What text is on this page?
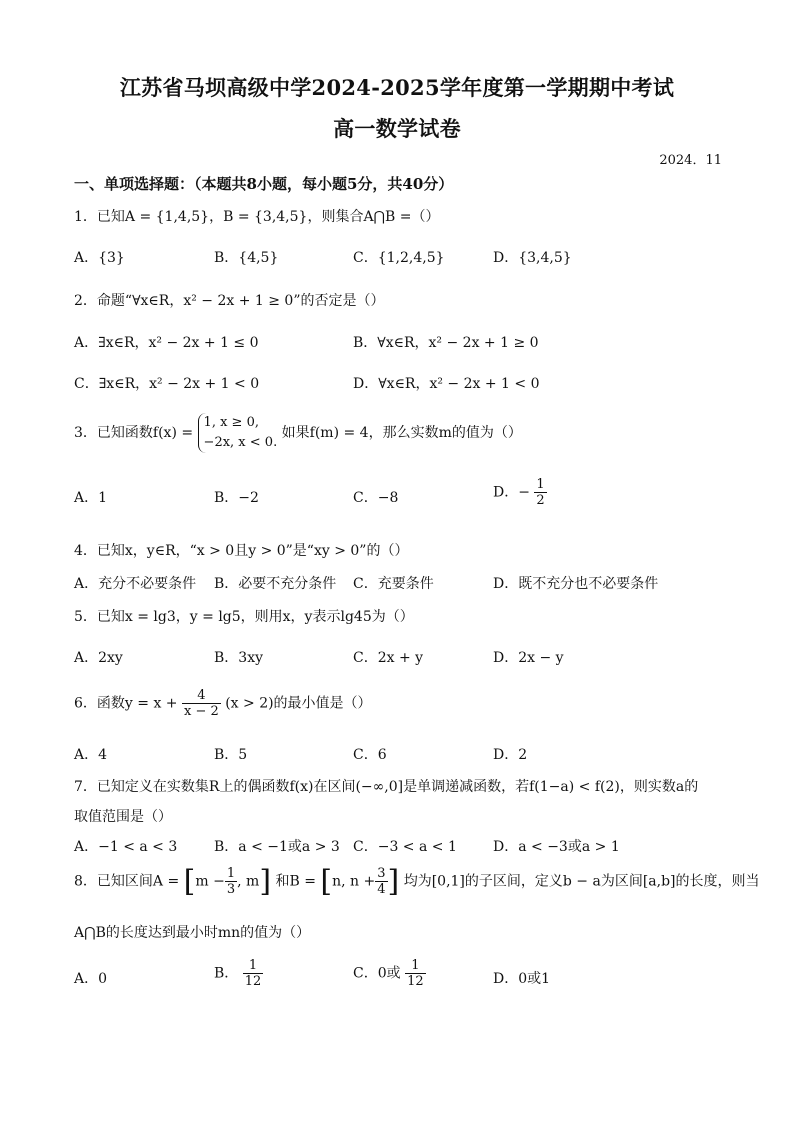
江苏省马坝高级中学2024-2025学年度第一学期期中考试
高一数学试卷
2024．11
一、单项选择题：（本题共8小题，每小题5分，共40分）
1．已知A = {1,4,5}，B = {3,4,5}，则集合A⋂B =（）
A．{3}	B．{4,5}	C．{1,2,4,5}	D．{3,4,5}
2．命题“∀x∈R，x² − 2x + 1 ≥ 0”的否定是（）
A．∃x∈R，x² − 2x + 1 ≤ 0	B．∀x∈R，x² − 2x + 1 ≥ 0
C．∃x∈R，x² − 2x + 1 < 0	D．∀x∈R，x² − 2x + 1 < 0
3．已知函数f(x) =
1, x ≥ 0,
−2x, x < 0.
如果f(m) = 4，那么实数m的值为（）
A．1	B．−2	C．−8	D．− $\frac{1}{2}$
4．已知x，y∈R，“x > 0且y > 0”是“xy > 0”的（）
A．充分不必要条件 B．必要不充分条件 C．充要条件	D．既不充分也不必要条件
5．已知x = lg3，y = lg5，则用x，y表示lg45为（）
A．2xy	B．3xy	C．2x + y	D．2x − y
6．函数$y = x + \frac{4}{x - 2} (x > 2)$的最小值是（）
A．4	B．5	C．6	D．2
7．已知定义在实数集R上的偶函数f(x)在区间(−∞,0]是单调递减函数，若f(1−a) < f(2)，则实数a的
取值范围是（）
A．−1 < a < 3	B．a < −1或a > 3 C．−3 < a < 1	D．a < −3或a > 1
8．已知区间$A = [m - \frac{1}{3}$ , m] 和B = [n, $n + \frac{3}{4}$ ] 均为[0,1]的子区间，定义b − a为区间[a,b]的长度，则当
A⋂B的长度达到最小时mn的值为（）
A．0	B． $\frac{1}{12}$	C．0或 $\frac{1}{12}$	D．0或1
